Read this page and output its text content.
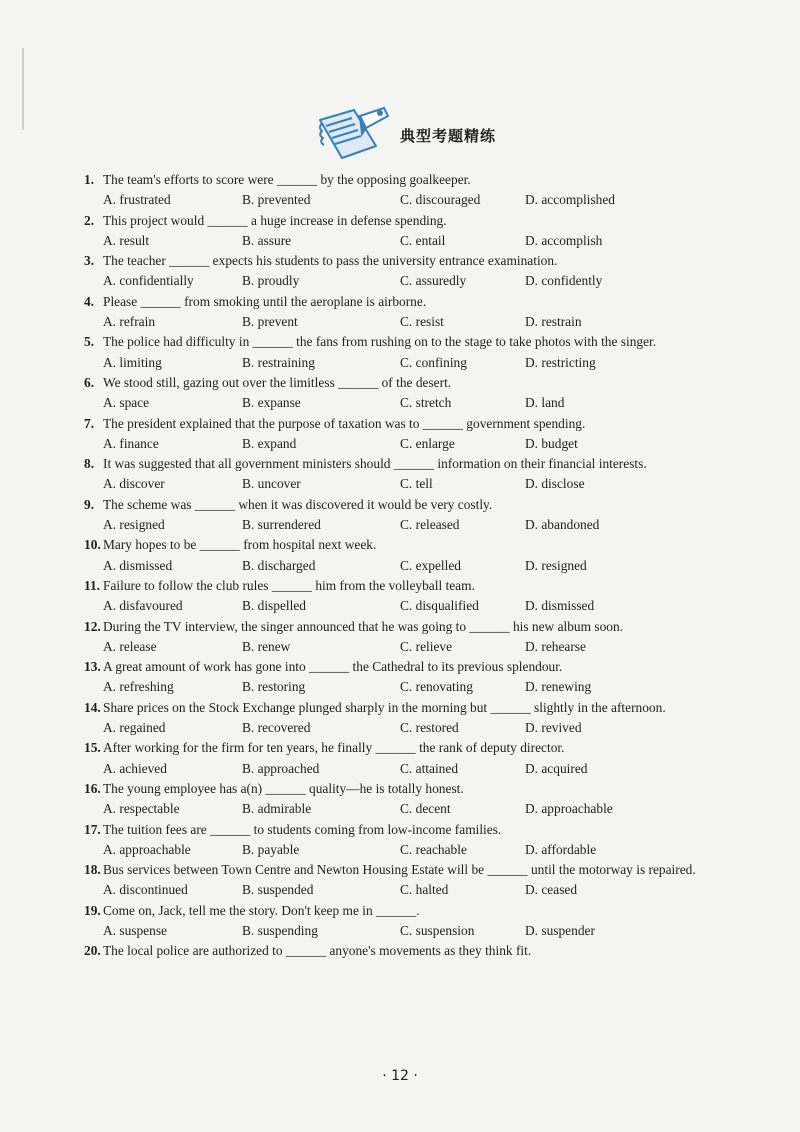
典型考题精练
1. The team's efforts to score were ______ by the opposing goalkeeper.
A. frustrated	B. prevented	C. discouraged	D. accomplished
2. This project would ______ a huge increase in defense spending.
A. result	B. assure	C. entail	D. accomplish
3. The teacher ______ expects his students to pass the university entrance examination.
A. confidentially	B. proudly	C. assuredly	D. confidently
4. Please ______ from smoking until the aeroplane is airborne.
A. refrain	B. prevent	C. resist	D. restrain
5. The police had difficulty in ______ the fans from rushing on to the stage to take photos with the singer.
A. limiting	B. restraining	C. confining	D. restricting
6. We stood still, gazing out over the limitless ______ of the desert.
A. space	B. expanse	C. stretch	D. land
7. The president explained that the purpose of taxation was to ______ government spending.
A. finance	B. expand	C. enlarge	D. budget
8. It was suggested that all government ministers should ______ information on their financial interests.
A. discover	B. uncover	C. tell	D. disclose
9. The scheme was ______ when it was discovered it would be very costly.
A. resigned	B. surrendered	C. released	D. abandoned
10. Mary hopes to be ______ from hospital next week.
A. dismissed	B. discharged	C. expelled	D. resigned
11. Failure to follow the club rules ______ him from the volleyball team.
A. disfavoured	B. dispelled	C. disqualified	D. dismissed
12. During the TV interview, the singer announced that he was going to ______ his new album soon.
A. release	B. renew	C. relieve	D. rehearse
13. A great amount of work has gone into ______ the Cathedral to its previous splendour.
A. refreshing	B. restoring	C. renovating	D. renewing
14. Share prices on the Stock Exchange plunged sharply in the morning but ______ slightly in the afternoon.
A. regained	B. recovered	C. restored	D. revived
15. After working for the firm for ten years, he finally ______ the rank of deputy director.
A. achieved	B. approached	C. attained	D. acquired
16. The young employee has a(n) ______ quality—he is totally honest.
A. respectable	B. admirable	C. decent	D. approachable
17. The tuition fees are ______ to students coming from low-income families.
A. approachable	B. payable	C. reachable	D. affordable
18. Bus services between Town Centre and Newton Housing Estate will be ______ until the motorway is repaired.
A. discontinued	B. suspended	C. halted	D. ceased
19. Come on, Jack, tell me the story. Don't keep me in ______.
A. suspense	B. suspending	C. suspension	D. suspender
20. The local police are authorized to ______ anyone's movements as they think fit.
· 12 ·
